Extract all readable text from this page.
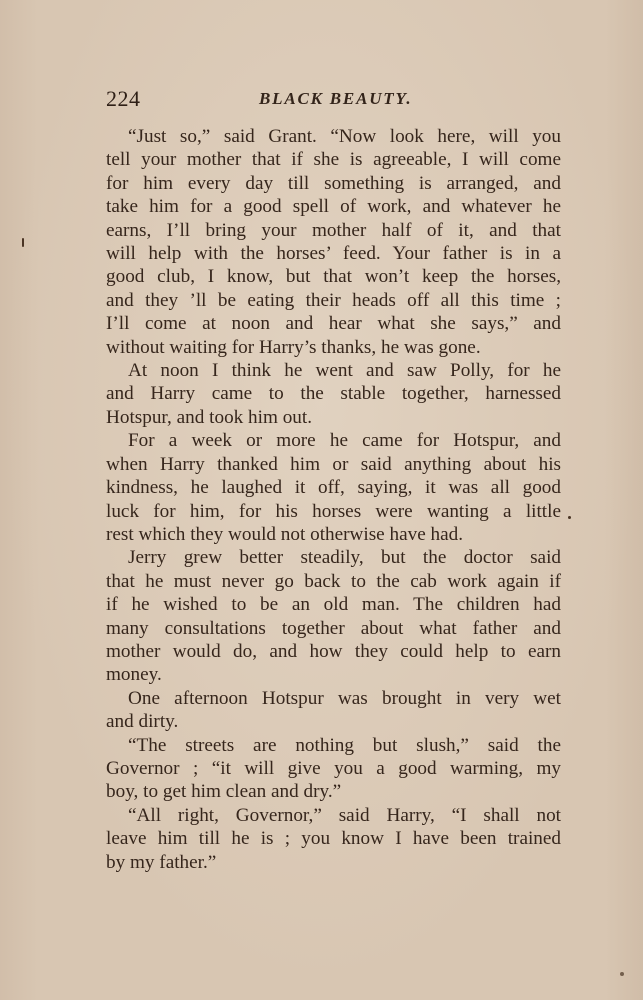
224	BLACK BEAUTY.

“Just so,” said Grant. “Now look here, will you
tell your mother that if she is agreeable, I will come
for him every day till something is arranged, and
take him for a good spell of work, and whatever he
earns, I’ll bring your mother half of it, and that
will help with the horses’ feed. Your father is in a
good club, I know, but that won’t keep the horses,
and they ’ll be eating their heads off all this time ;
I’ll come at noon and hear what she says,” and
without waiting for Harry’s thanks, he was gone.

At noon I think he went and saw Polly, for he
and Harry came to the stable together, harnessed
Hotspur, and took him out.

For a week or more he came for Hotspur, and
when Harry thanked him or said anything about his
kindness, he laughed it off, saying, it was all good
luck for him, for his horses were wanting a little
rest which they would not otherwise have had.

Jerry grew better steadily, but the doctor said
that he must never go back to the cab work again if
if he wished to be an old man. The children had
many consultations together about what father and
mother would do, and how they could help to earn
money.

One afternoon Hotspur was brought in very wet
and dirty.

“The streets are nothing but slush,” said the
Governor ; “it will give you a good warming, my
boy, to get him clean and dry.”

“All right, Governor,” said Harry, “I shall not
leave him till he is ; you know I have been trained
by my father.”
